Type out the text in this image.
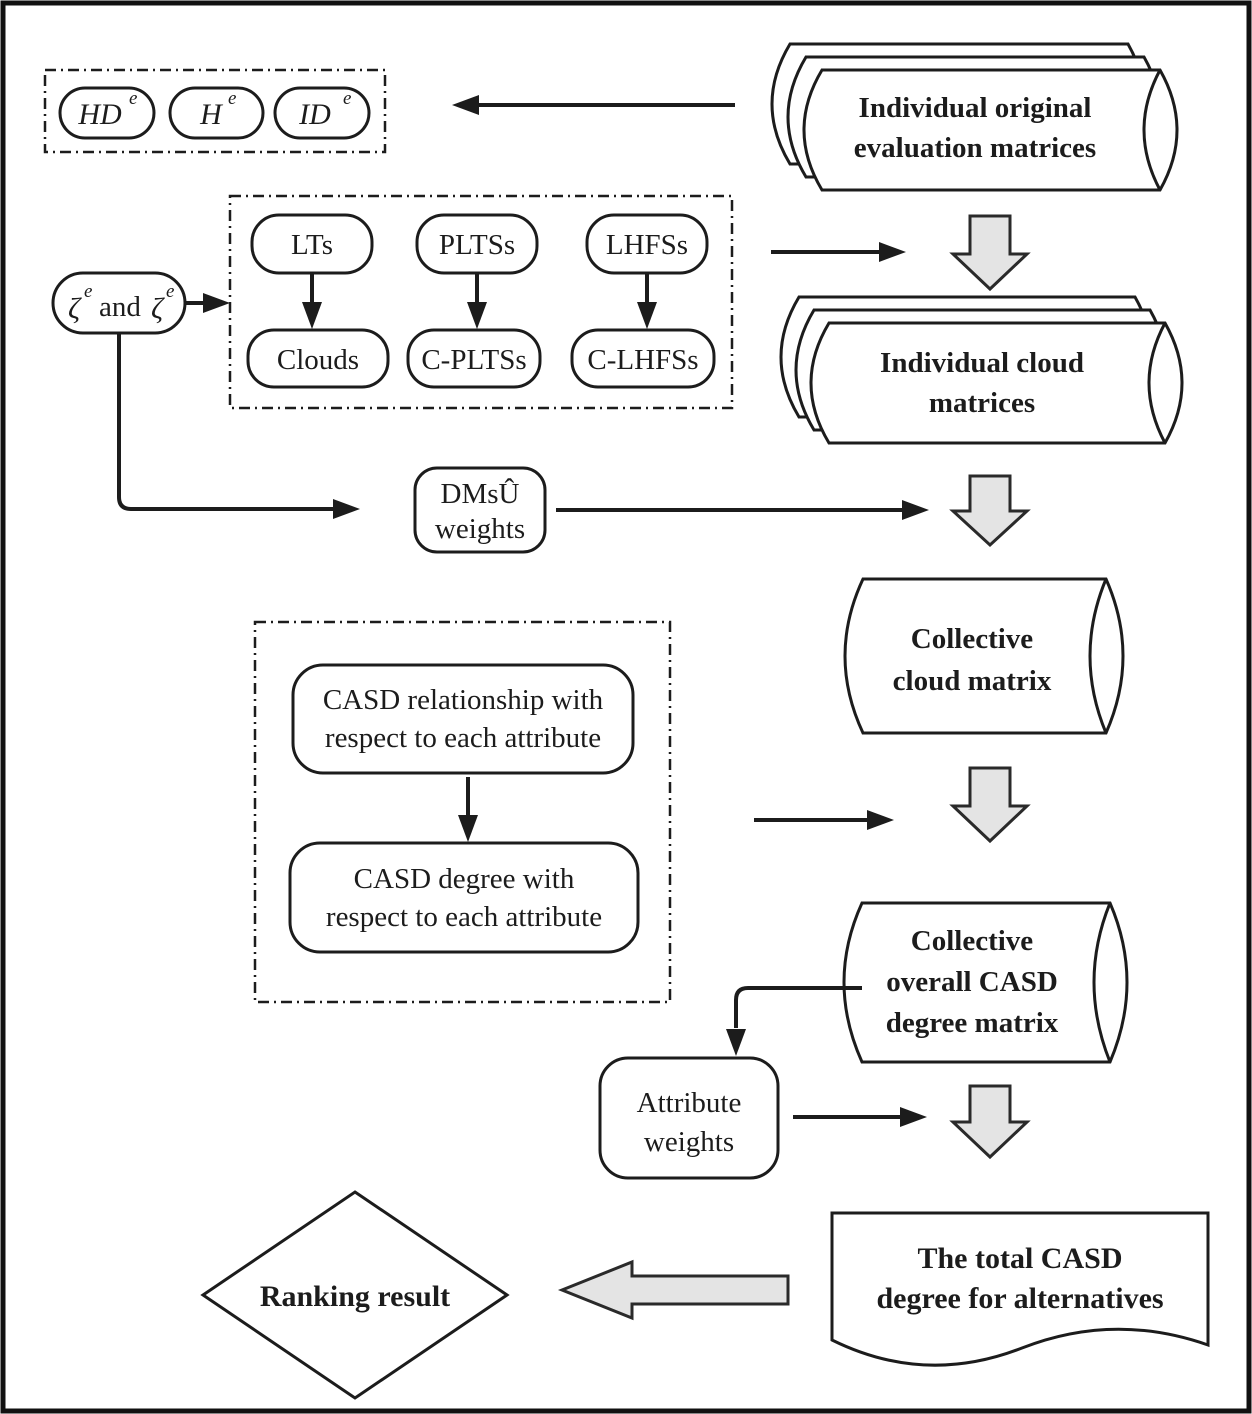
HD e H e ID e	Individual original
evaluation matrices
ζ
e and ζ
e
LTs	PLTSs	LHFSs
Clouds C-PLTSs C-LHFSs	Individual cloud
matrices
DMsÛ
weights
Collective
cloud matrix
CASD relationship with
respect to each attribute
CASD degree with
respect to each attribute
Collective
overall CASD
degree matrix
Attribute
weights
The total CASD
degree for alternatives
Ranking result
